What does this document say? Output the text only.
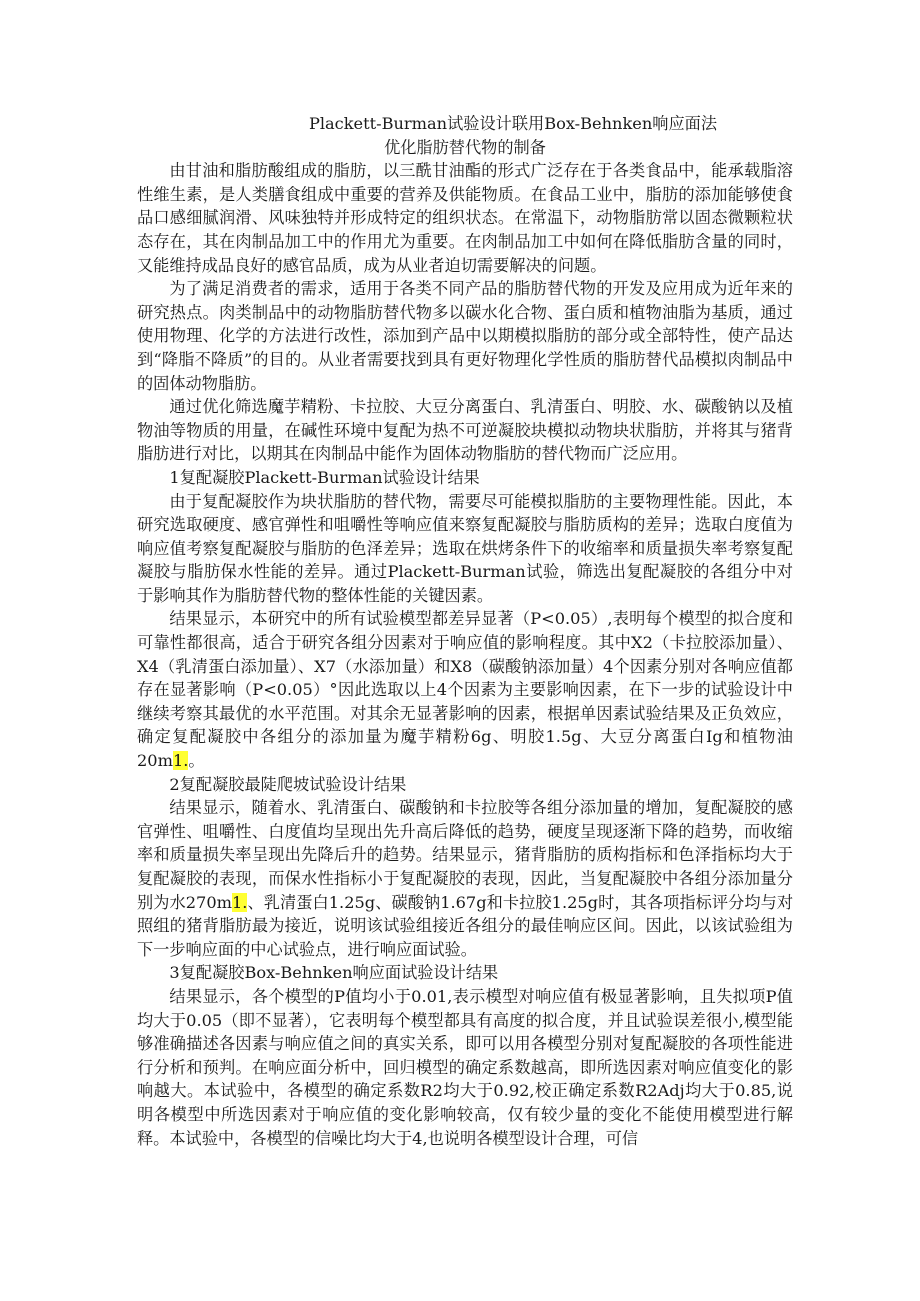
Plackett-Burman试验设计联用Box-Behnken响应面法

优化脂肪替代物的制备

由甘油和脂肪酸组成的脂肪，以三酰甘油酯的形式广泛存在于各类食品中，能承载脂溶性维生素，是人类膳食组成中重要的营养及供能物质。在食品工业中，脂肪的添加能够使食品口感细腻润滑、风味独特并形成特定的组织状态。在常温下，动物脂肪常以固态微颗粒状态存在，其在肉制品加工中的作用尤为重要。在肉制品加工中如何在降低脂肪含量的同时，又能维持成品良好的感官品质，成为从业者迫切需要解决的问题。

为了满足消费者的需求，适用于各类不同产品的脂肪替代物的开发及应用成为近年来的研究热点。肉类制品中的动物脂肪替代物多以碳水化合物、蛋白质和植物油脂为基质，通过使用物理、化学的方法进行改性，添加到产品中以期模拟脂肪的部分或全部特性，使产品达到“降脂不降质”的目的。从业者需要找到具有更好物理化学性质的脂肪替代品模拟肉制品中的固体动物脂肪。

通过优化筛选魔芋精粉、卡拉胶、大豆分离蛋白、乳清蛋白、明胶、水、碳酸钠以及植物油等物质的用量，在碱性环境中复配为热不可逆凝胶块模拟动物块状脂肪，并将其与猪背脂肪进行对比，以期其在肉制品中能作为固体动物脂肪的替代物而广泛应用。

1复配凝胶Plackett-Burman试验设计结果

由于复配凝胶作为块状脂肪的替代物，需要尽可能模拟脂肪的主要物理性能。因此，本研究选取硬度、感官弹性和咀嚼性等响应值来察复配凝胶与脂肪质构的差异；选取白度值为响应值考察复配凝胶与脂肪的色泽差异；选取在烘烤条件下的收缩率和质量损失率考察复配凝胶与脂肪保水性能的差异。通过Plackett-Burman试验，筛选出复配凝胶的各组分中对于影响其作为脂肪替代物的整体性能的关键因素。

结果显示，本研究中的所有试验模型都差异显著（P<0.05）,表明每个模型的拟合度和可靠性都很高，适合于研究各组分因素对于响应值的影响程度。其中X2（卡拉胶添加量）、X4（乳清蛋白添加量）、X7（水添加量）和X8（碳酸钠添加量）4个因素分别对各响应值都存在显著影响（P<0.05）°因此选取以上4个因素为主要影响因素，在下一步的试验设计中继续考察其最优的水平范围。对其余无显著影响的因素，根据单因素试验结果及正负效应，确定复配凝胶中各组分的添加量为魔芋精粉6g、明胶1.5g、大豆分离蛋白Ig和植物油20m1.。

2复配凝胶最陡爬坡试验设计结果

结果显示，随着水、乳清蛋白、碳酸钠和卡拉胶等各组分添加量的增加，复配凝胶的感官弹性、咀嚼性、白度值均呈现出先升高后降低的趋势，硬度呈现逐渐下降的趋势，而收缩率和质量损失率呈现出先降后升的趋势。结果显示，猪背脂肪的质构指标和色泽指标均大于复配凝胶的表现，而保水性指标小于复配凝胶的表现，因此，当复配凝胶中各组分添加量分别为水270m1.、乳清蛋白1.25g、碳酸钠1.67g和卡拉胶1.25g时，其各项指标评分均与对照组的猪背脂肪最为接近，说明该试验组接近各组分的最佳响应区间。因此，以该试验组为下一步响应面的中心试验点，进行响应面试验。

3复配凝胶Box-Behnken响应面试验设计结果

结果显示，各个模型的P值均小于0.01,表示模型对响应值有极显著影响，且失拟项P值均大于0.05（即不显著），它表明每个模型都具有高度的拟合度，并且试验误差很小,模型能够准确描述各因素与响应值之间的真实关系，即可以用各模型分别对复配凝胶的各项性能进行分析和预判。在响应面分析中，回归模型的确定系数越高，即所选因素对响应值变化的影响越大。本试验中，各模型的确定系数R2均大于0.92,校正确定系数R2Adj均大于0.85,说明各模型中所选因素对于响应值的变化影响较高，仅有较少量的变化不能使用模型进行解释。本试验中，各模型的信噪比均大于4,也说明各模型设计合理，可信
